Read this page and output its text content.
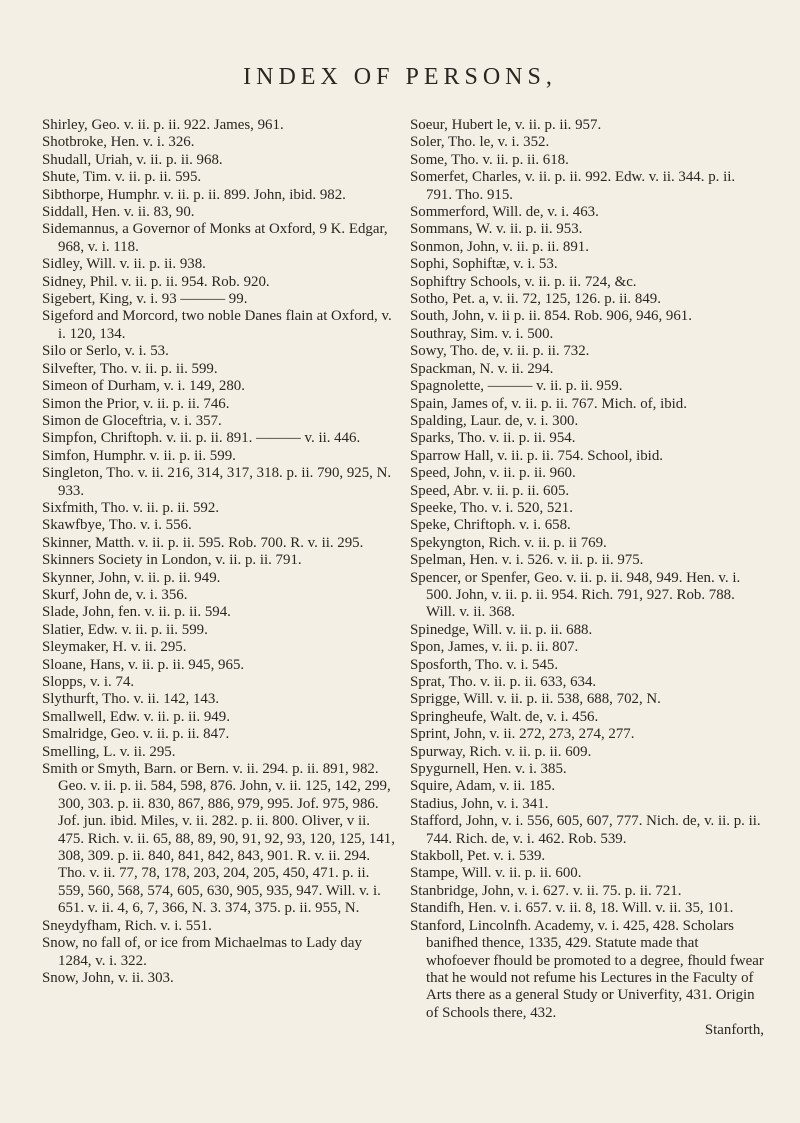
INDEX OF PERSONS,
Shirley, Geo. v. ii. p. ii. 922. James, 961.
Shotbroke, Hen. v. i. 326.
Shudall, Uriah, v. ii. p. ii. 968.
Shute, Tim. v. ii. p. ii. 595.
Sibthorpe, Humphr. v. ii. p. ii. 899. John, ibid. 982.
Siddall, Hen. v. ii. 83, 90.
Sidemannus, a Governor of Monks at Oxford, 9 K. Edgar, 968, v. i. 118.
Sidley, Will. v. ii. p. ii. 938.
Sidney, Phil. v. ii. p. ii. 954. Rob. 920.
Sigebert, King, v. i. 93 ——— 99.
Sigeford and Morcord, two noble Danes flain at Oxford, v. i. 120, 134.
Silo or Serlo, v. i. 53.
Silvefter, Tho. v. ii. p. ii. 599.
Simeon of Durham, v. i. 149, 280.
Simon the Prior, v. ii. p. ii. 746.
Simon de Gloceftria, v. i. 357.
Simpfon, Chriftoph. v. ii. p. ii. 891. ——— v. ii. 446.
Simfon, Humphr. v. ii. p. ii. 599.
Singleton, Tho. v. ii. 216, 314, 317, 318. p. ii. 790, 925, N. 933.
Sixfmith, Tho. v. ii. p. ii. 592.
Skawfbye, Tho. v. i. 556.
Skinner, Matth. v. ii. p. ii. 595. Rob. 700. R. v. ii. 295.
Skinners Society in London, v. ii. p. ii. 791.
Skynner, John, v. ii. p. ii. 949.
Skurf, John de, v. i. 356.
Slade, John, fen. v. ii. p. ii. 594.
Slatier, Edw. v. ii. p. ii. 599.
Sleymaker, H. v. ii. 295.
Sloane, Hans, v. ii. p. ii. 945, 965.
Slopps, v. i. 74.
Slythurft, Tho. v. ii. 142, 143.
Smallwell, Edw. v. ii. p. ii. 949.
Smalridge, Geo. v. ii. p. ii. 847.
Smelling, L. v. ii. 295.
Smith or Smyth, Barn. or Bern. v. ii. 294. p. ii. 891, 982. Geo. v. ii. p. ii. 584, 598, 876. John, v. ii. 125, 142, 299, 300, 303. p. ii. 830, 867, 886, 979, 995. Jof. 975, 986. Jof. jun. ibid. Miles, v. ii. 282. p. ii. 800. Oliver, v ii. 475. Rich. v. ii. 65, 88, 89, 90, 91, 92, 93, 120, 125, 141, 308, 309. p. ii. 840, 841, 842, 843, 901. R. v. ii. 294. Tho. v. ii. 77, 78, 178, 203, 204, 205, 450, 471. p. ii. 559, 560, 568, 574, 605, 630, 905, 935, 947. Will. v. i. 651. v. ii. 4, 6, 7, 366, N. 3. 374, 375. p. ii. 955, N.
Sneydyfham, Rich. v. i. 551.
Snow, no fall of, or ice from Michaelmas to Lady day 1284, v. i. 322.
Snow, John, v. ii. 303.
Soeur, Hubert le, v. ii. p. ii. 957.
Soler, Tho. le, v. i. 352.
Some, Tho. v. ii. p. ii. 618.
Somerfet, Charles, v. ii. p. ii. 992. Edw. v. ii. 344. p. ii. 791. Tho. 915.
Sommerford, Will. de, v. i. 463.
Sommans, W. v. ii. p. ii. 953.
Sonmon, John, v. ii. p. ii. 891.
Sophi, Sophiftæ, v. i. 53.
Sophiftry Schools, v. ii. p. ii. 724, &c.
Sotho, Pet. a, v. ii. 72, 125, 126. p. ii. 849.
South, John, v. ii p. ii. 854. Rob. 906, 946, 961.
Southray, Sim. v. i. 500.
Sowy, Tho. de, v. ii. p. ii. 732.
Spackman, N. v. ii. 294.
Spagnolette, ——— v. ii. p. ii. 959.
Spain, James of, v. ii. p. ii. 767. Mich. of, ibid.
Spalding, Laur. de, v. i. 300.
Sparks, Tho. v. ii. p. ii. 954.
Sparrow Hall, v. ii. p. ii. 754. School, ibid.
Speed, John, v. ii. p. ii. 960.
Speed, Abr. v. ii. p. ii. 605.
Speeke, Tho. v. i. 520, 521.
Speke, Chriftoph. v. i. 658.
Spekyngton, Rich. v. ii. p. ii 769.
Spelman, Hen. v. i. 526. v. ii. p. ii. 975.
Spencer, or Spenfer, Geo. v. ii. p. ii. 948, 949. Hen. v. i. 500. John, v. ii. p. ii. 954. Rich. 791, 927. Rob. 788. Will. v. ii. 368.
Spinedge, Will. v. ii. p. ii. 688.
Spon, James, v. ii. p. ii. 807.
Sposforth, Tho. v. i. 545.
Sprat, Tho. v. ii. p. ii. 633, 634.
Sprigge, Will. v. ii. p. ii. 538, 688, 702, N.
Springheufe, Walt. de, v. i. 456.
Sprint, John, v. ii. 272, 273, 274, 277.
Spurway, Rich. v. ii. p. ii. 609.
Spygurnell, Hen. v. i. 385.
Squire, Adam, v. ii. 185.
Stadius, John, v. i. 341.
Stafford, John, v. i. 556, 605, 607, 777. Nich. de, v. ii. p. ii. 744. Rich. de, v. i. 462. Rob. 539.
Stakboll, Pet. v. i. 539.
Stampe, Will. v. ii. p. ii. 600.
Stanbridge, John, v. i. 627. v. ii. 75. p. ii. 721.
Standifh, Hen. v. i. 657. v. ii. 8, 18. Will. v. ii. 35, 101.
Stanford, Lincolnfh. Academy, v. i. 425, 428. Scholars banifhed thence, 1335, 429. Statute made that whofoever fhould be promoted to a degree, fhould fwear that he would not refume his Lectures in the Faculty of Arts there as a general Study or Univerfity, 431. Origin of Schools there, 432.
Stanforth,
